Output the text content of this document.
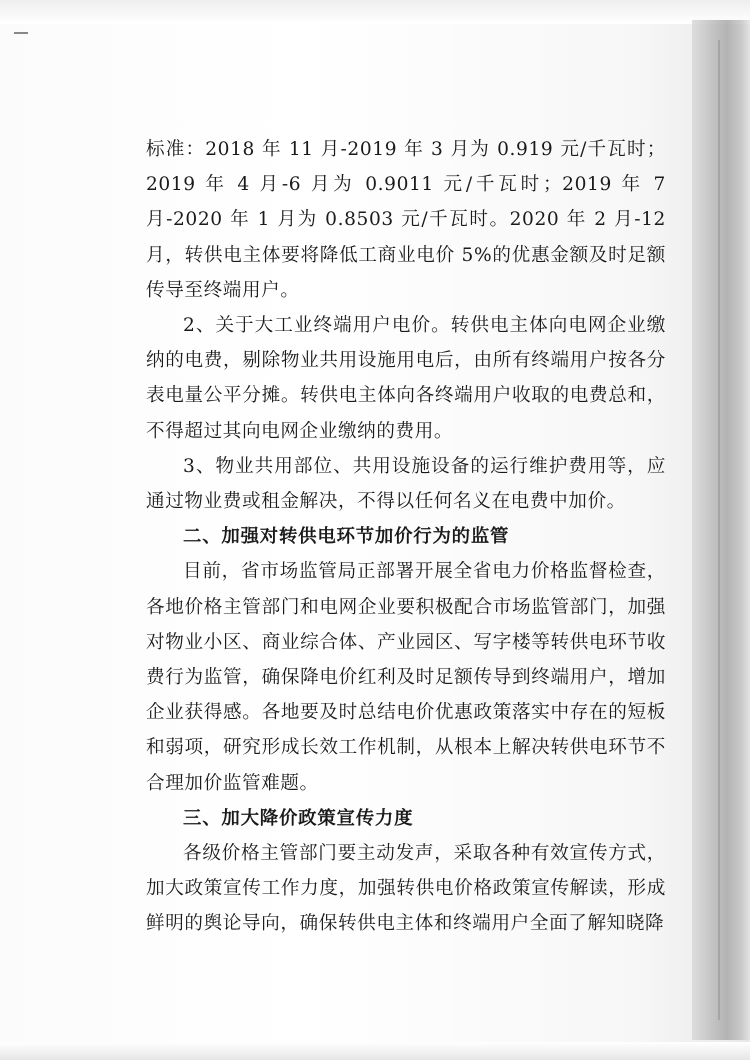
标准：2018 年 11 月-2019 年 3 月为 0.919 元/千瓦时；2019 年 4 月-6 月为 0.9011 元/千瓦时；2019 年 7 月-2020 年 1 月为 0.8503 元/千瓦时。2020 年 2 月-12 月，转供电主体要将降低工商业电价 5%的优惠金额及时足额传导至终端用户。

2、关于大工业终端用户电价。转供电主体向电网企业缴纳的电费，剔除物业共用设施用电后，由所有终端用户按各分表电量公平分摊。转供电主体向各终端用户收取的电费总和，不得超过其向电网企业缴纳的费用。

3、物业共用部位、共用设施设备的运行维护费用等，应通过物业费或租金解决，不得以任何名义在电费中加价。

二、加强对转供电环节加价行为的监管

目前，省市场监管局正部署开展全省电力价格监督检查，各地价格主管部门和电网企业要积极配合市场监管部门，加强对物业小区、商业综合体、产业园区、写字楼等转供电环节收费行为监管，确保降电价红利及时足额传导到终端用户，增加企业获得感。各地要及时总结电价优惠政策落实中存在的短板和弱项，研究形成长效工作机制，从根本上解决转供电环节不合理加价监管难题。

三、加大降价政策宣传力度

各级价格主管部门要主动发声，采取各种有效宣传方式，加大政策宣传工作力度，加强转供电价格政策宣传解读，形成鲜明的舆论导向，确保转供电主体和终端用户全面了解知晓降
